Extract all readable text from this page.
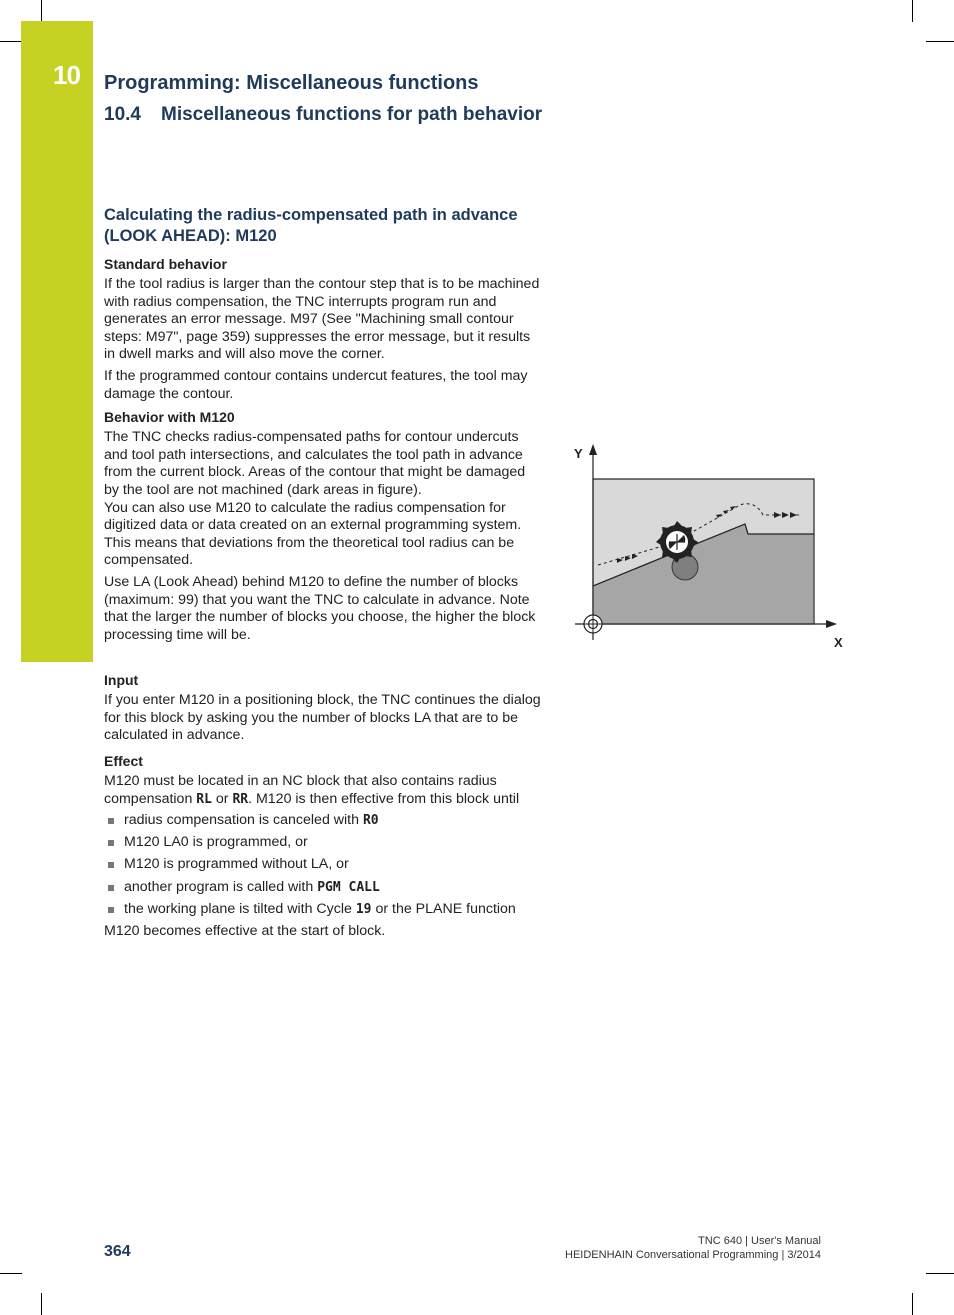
10 Programming: Miscellaneous functions
10.4 Miscellaneous functions for path behavior
Calculating the radius-compensated path in advance
(LOOK AHEAD): M120
Standard behavior

If the tool radius is larger than the contour step that is to be machined with radius compensation, the TNC interrupts program run and generates an error message. M97 (See "Machining small contour steps: M97", page 359) suppresses the error message, but it results in dwell marks and will also move the corner.

If the programmed contour contains undercut features, the tool may damage the contour.

Behavior with M120

The TNC checks radius-compensated paths for contour undercuts and tool path intersections, and calculates the tool path in advance from the current block. Areas of the contour that might be damaged by the tool are not machined (dark areas in figure).

You can also use M120 to calculate the radius compensation for digitized data or data created on an external programming system. This means that deviations from the theoretical tool radius can be compensated.

Use LA (Look Ahead) behind M120 to define the number of blocks (maximum: 99) that you want the TNC to calculate in advance. Note that the larger the number of blocks you choose, the higher the block processing time will be.

Input

If you enter M120 in a positioning block, the TNC continues the dialog for this block by asking you the number of blocks LA that are to be calculated in advance.

Effect

M120 must be located in an NC block that also contains radius compensation RL or RR. M120 is then effective from this block until

radius compensation is canceled with R0
M120 LA0 is programmed, or
M120 is programmed without LA, or
another program is called with PGM CALL
the working plane is tilted with Cycle 19 or the PLANE function

M120 becomes effective at the start of block.

Y
X
364
TNC 640 | User's Manual
HEIDENHAIN Conversational Programming | 3/2014
